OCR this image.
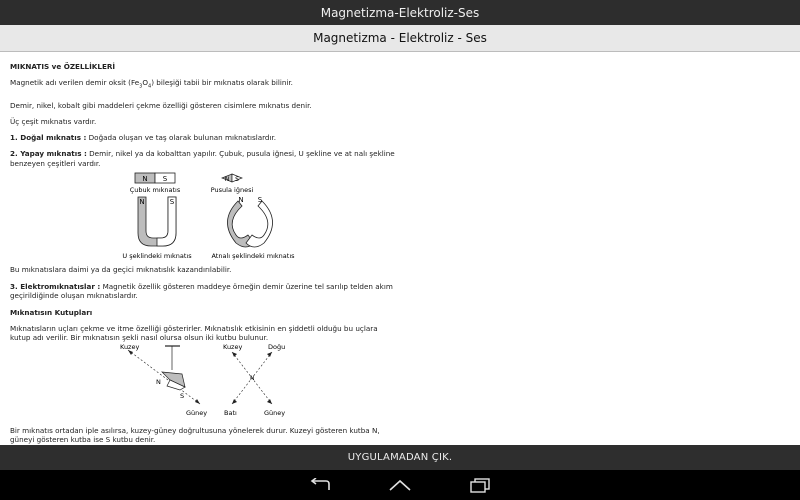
Magnetizma-Elektroliz-Ses
Magnetizma - Elektroliz - Ses

MIKNATIS ve ÖZELLİKLERİ

Magnetik adı verilen demir oksit $(Fe_3O_4)$ bileşiği tabii bir mıknatıs olarak bilinir.

Demir, nikel, kobalt gibi maddeleri çekme özelliği gösteren cisimlere mıknatıs denir.

Üç çeşit mıknatıs vardır.

1. Doğal mıknatıs : Doğada oluşan ve taş olarak bulunan mıknatıslardır.

2. Yapay mıknatıs : Demir, nikel ya da kobalttan yapılır. Çubuk, pusula iğnesi, U şekline ve at nalı şekline benzeyen çeşitleri vardır.

N S
Çubuk mıknatıs
N S
Pusula iğnesi
N	S
U şeklindeki mıknatıs
N S
Atnalı şeklindeki mıknatıs

Bu mıknatıslara daimi ya da geçici mıknatıslık kazandırılabilir.

3. Elektromıknatıslar : Magnetik özellik gösteren maddeye örneğin demir üzerine tel sarılıp telden akım geçirildiğinde oluşan mıknatıslardır.

Mıknatısın Kutupları

Mıknatısların uçları çekme ve itme özelliği gösterirler. Mıknatıslık etkisinin en şiddetli olduğu bu uçlara kutup adı verilir. Bir mıknatısın şekli nasıl olursa olsun iki kutbu bulunur.

N
S
Kuzey
Güney
N
Kuzey	Doğu
Batı	Güney

Bir mıknatıs ortadan iple asılırsa, kuzey-güney doğrultusuna yönelerek durur. Kuzeyi gösteren kutba N, güneyi gösteren kutba ise S kutbu denir.

UYGULAMADAN ÇIK.
